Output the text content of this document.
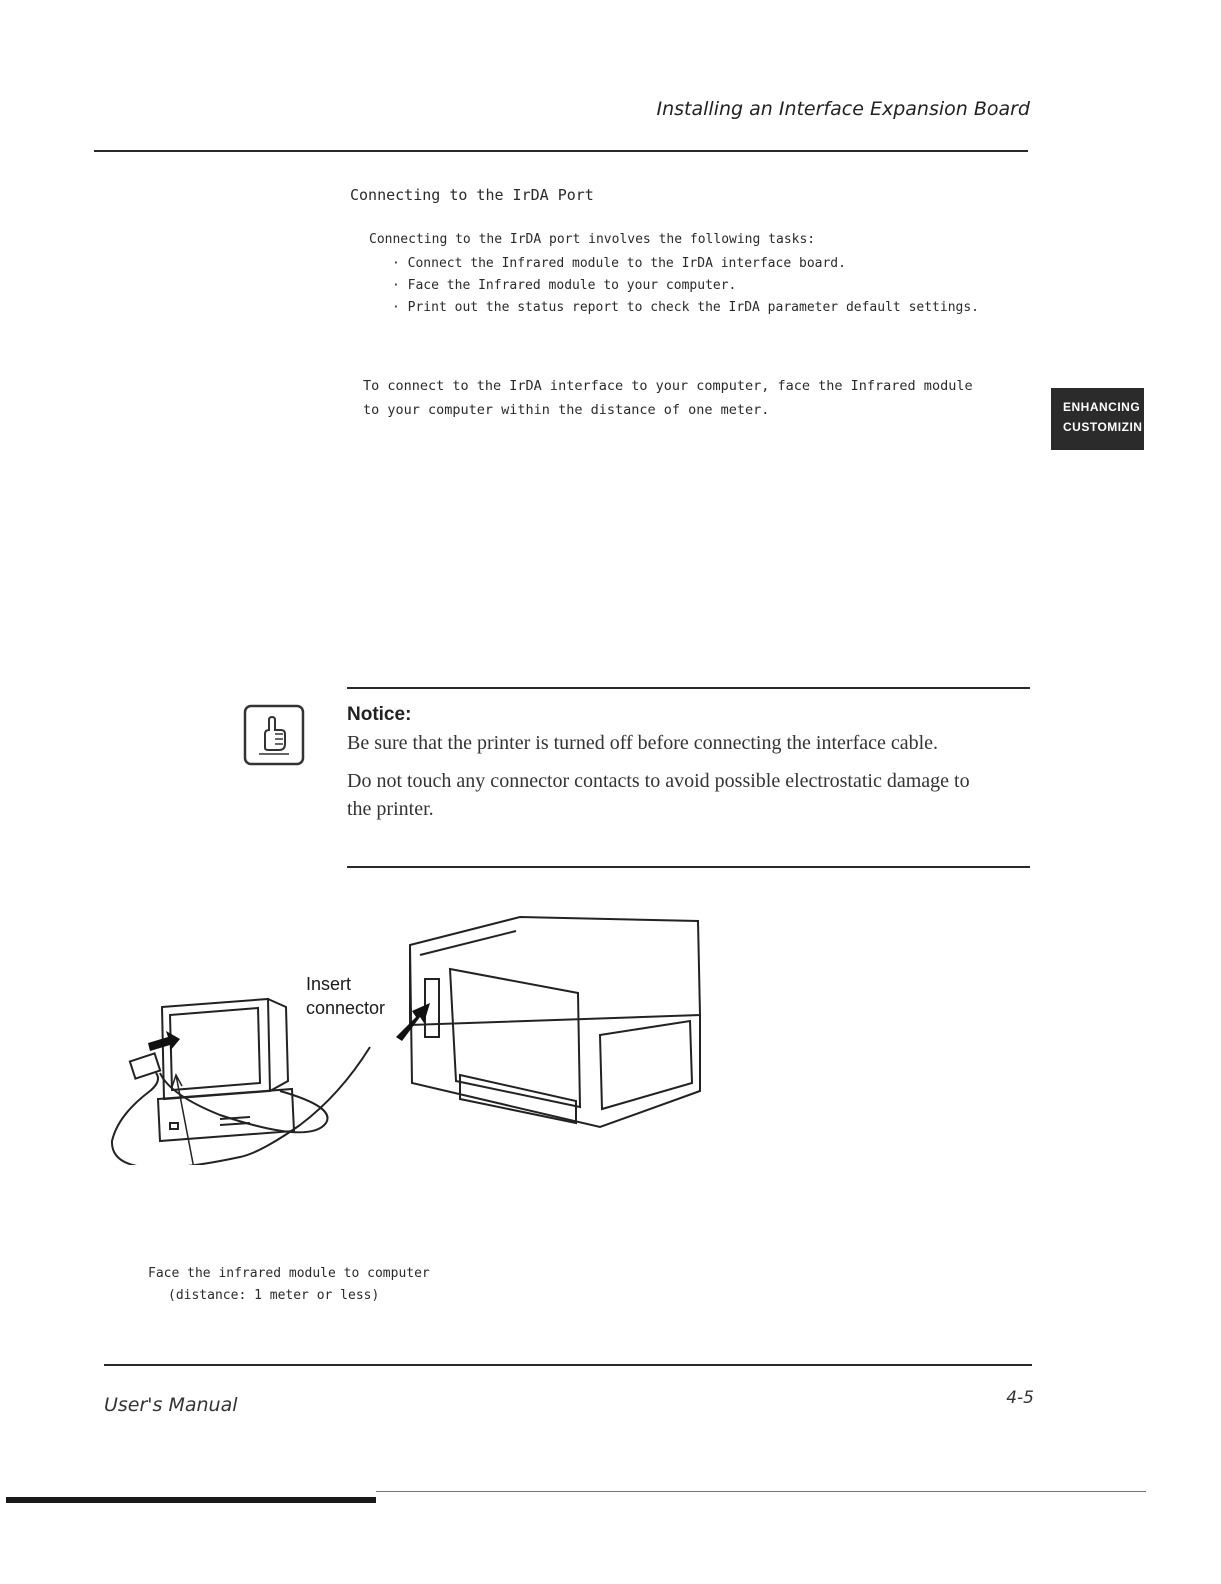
Installing an Interface Expansion Board
Connecting to the IrDA Port
Connecting to the IrDA port involves the following tasks:
· Connect the Infrared module to the IrDA interface board.
· Face the Infrared module to your computer.
· Print out the status report to check the IrDA parameter default settings.
To connect to the IrDA interface to your computer, face the Infrared module
to your computer within the distance of one meter.	ENHANCING
CUSTOMIZIN
Notice:

Be sure that the printer is turned off before connecting the interface cable.

Do not touch any connector contacts to avoid possible electrostatic damage to the printer.

Insert
connector
Face the infrared module to computer
(distance: 1 meter or less)
User's Manual	4-5
